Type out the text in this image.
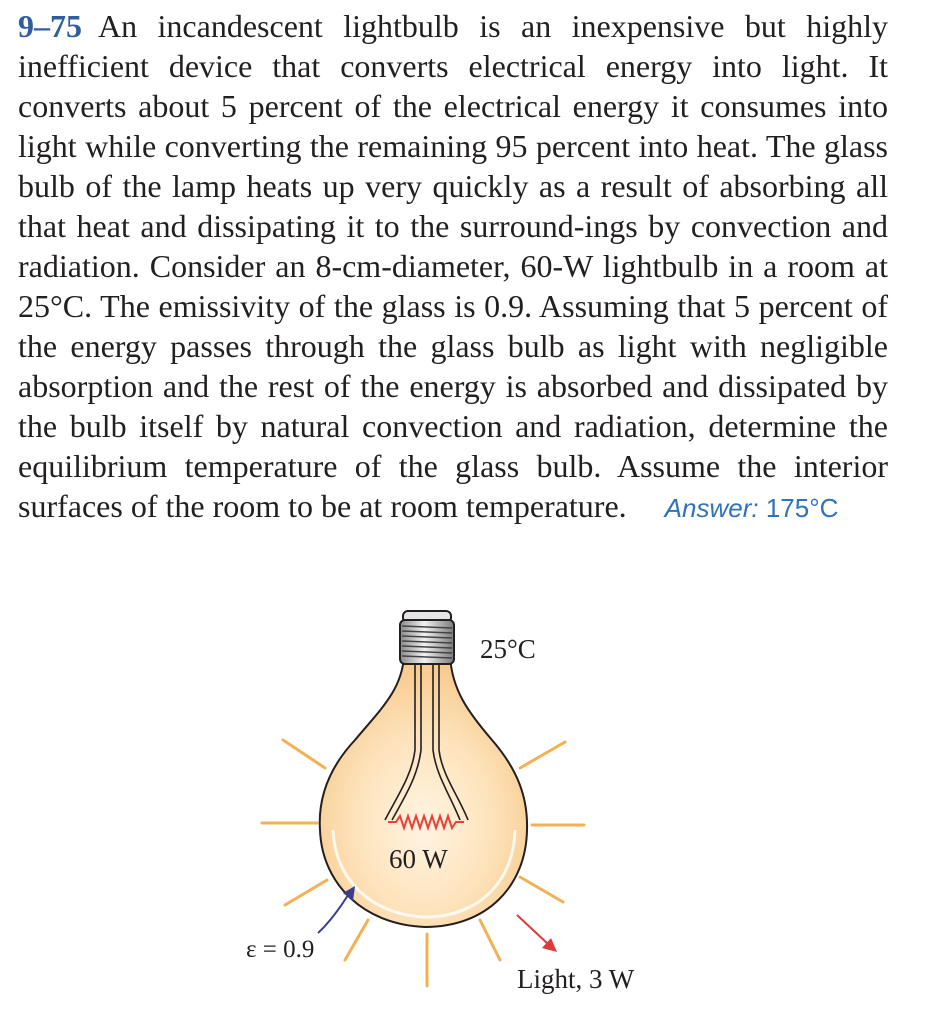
9–75 An incandescent lightbulb is an inexpensive but highly inefficient device that converts electrical energy into light. It converts about 5 percent of the electrical energy it consumes into light while converting the remaining 95 percent into heat. The glass bulb of the lamp heats up very quickly as a result of absorbing all that heat and dissipating it to the surround-ings by convection and radiation. Consider an 8-cm-diameter, 60-W lightbulb in a room at 25°C. The emissivity of the glass is 0.9. Assuming that 5 percent of the energy passes through the glass bulb as light with negligible absorption and the rest of the energy is absorbed and dissipated by the bulb itself by natural convection and radiation, determine the equilibrium temperature of the glass bulb. Assume the interior surfaces of the room to be at room temperature. Answer: 175°C

25°C
60 W
ε = 0.9
Light, 3 W
